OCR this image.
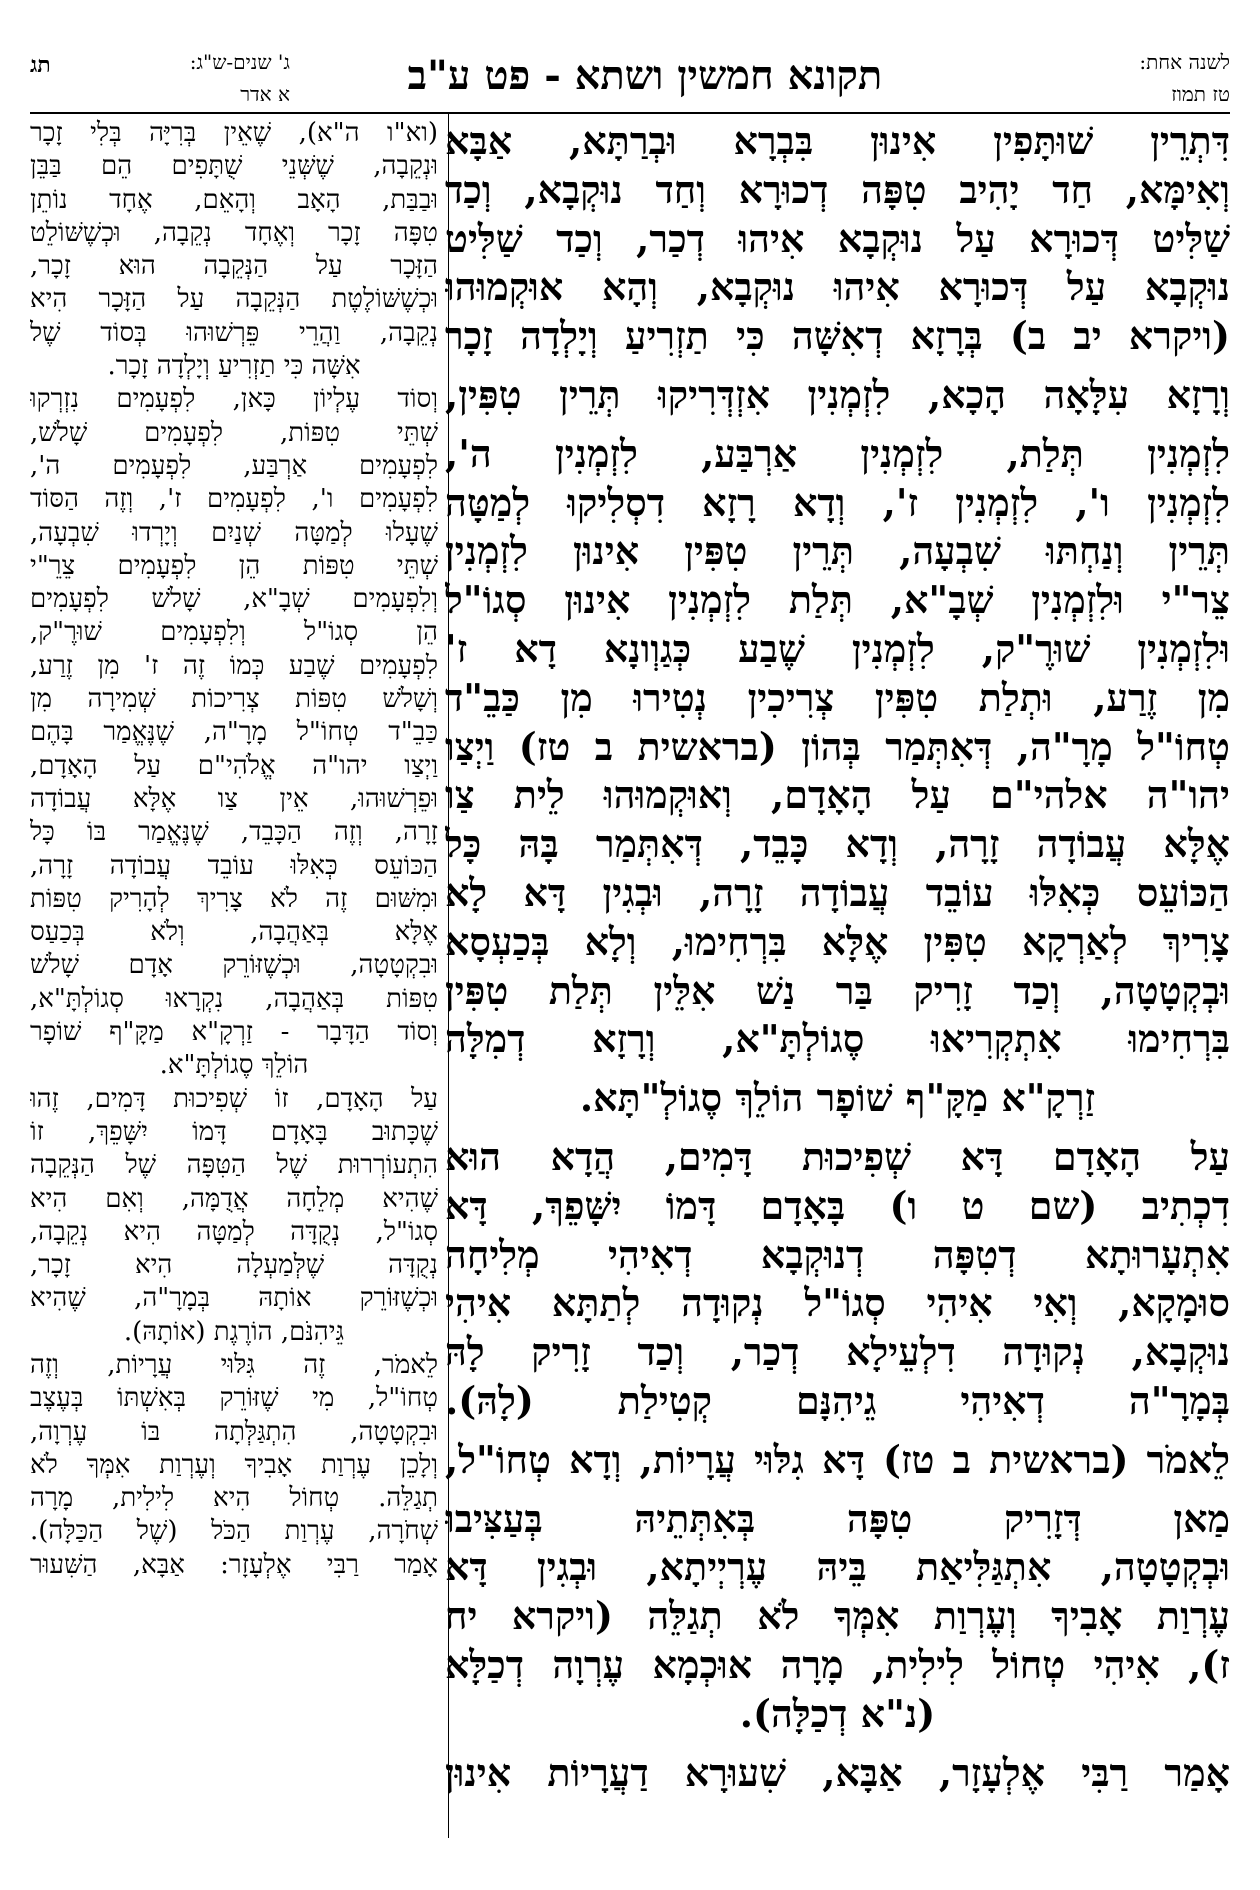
לשנה אחת:
טז תמוז
תקונא חמשין ושתא - פט ע"ב
ג' שנים-ש"ג:
א אדר
תג
דִּתְרֵין שׁוּתָּפִין אִינוּן בִּבְרָא וּבְרַתָּא, אַבָּא
וְאִימָּא, חַד יָהִיב טִפָּה דְכוּרָא וְחַד נוּקְבָא, וְכַד
שַׁלִּיט דְּכוּרָא עַל נוּקְבָא אִיהוּ דְכַר, וְכַד שַׁלִּיט
נוּקְבָא עַל דְּכוּרָא אִיהוּ נוּקְבָא, וְהָא אוּקְמוּהוּ
(ויקרא יב ב) בְּרָזָא דְאִשָּׁה כִּי תַזְרִיעַ וְיָלְדָה זָכָר
וְרָזָא עִלָּאָה הָכָא, לִזְמְנִין אִזְדְּרִיקוּ תְּרֵין טִפִּין,
לִזְמְנִין תְּלַת, לִזְמְנִין אַרְבַּע, לִזְמְנִין ה',
לִזְמְנִין ו', לִזְמְנִין ז', וְדָא רָזָא דִסְלִיקוּ לְמַטָּה
תְּרֵין וְנַחְתּוּ שִׁבְעָה, תְּרֵין טִפִּין אִינוּן לִזְמְנִין
צֵר"י וּלִזְמְנִין שְׁבָ"א, תְּלַת לִזְמְנִין אִינוּן סְגוֹ"ל
וּלִזְמְנִין שׁוּרֶ"ק, לִזְמְנִין שֶׁבַע כְּגַוְונָא דָא ז'
מִן זֶרַע, וּתְלַת טִפִּין צְרִיכִין נְטִירוּ מִן כַּבֵ"ד
טְחוֹ"ל מָרָ"ה, דְּאִתְּמַר בְּהוֹן (בראשית ב טז) וַיְצַו
יהו"ה אלהי"ם עַל הָאָדָם, וְאוּקְמוּהוּ לֵית צַו
אֶלָּא עֲבוֹדָה זָרָה, וְדָא כָּבֵד, דְּאִתְּמַר בָּהּ כָּל
הַכּוֹעֵס כְּאִלּוּ עוֹבֵד עֲבוֹדָה זָרָה, וּבְגִין דָּא לָא
צָרִיךְ לְאַרְקָא טִפִּין אֶלָּא בִּרְחִימוּ, וְלָא בְּכַעְסָא
וּבְקְטָטָה, וְכַד זָרִיק בַּר נַשׁ אִלֵּין תְּלַת טִפִּין
בִּרְחִימוּ אִתְקְרִיאוּ סֶגוֹלְתָּ"א, וְרָזָא דְמִלָּה
זַרְקָ"א מַקָּ"ף שׁוֹפָר הוֹלֵךְ סֶגוֹלְ"תָּא.
עַל הָאָדָם דָּא שְׁפִיכוּת דָּמִים, הֲדָא הוּא
דִכְתִיב (שם ט ו) בָּאָדָם דָּמוֹ יִשָּׁפֵךְ, דָּא
אִתְעָרוּתָא דְטִפָּה דְנוּקְבָא דְאִיהִי מְלִיחָה
סוּמָקָא, וְאִי אִיהִי סְגוֹ"ל נְקוּדָה לְתַתָּא אִיהִי
נוּקְבָא, נְקוּדָה דִלְעֵילָא דְכַר, וְכַד זָרִיק לָהּ
בְּמָרָ"ה דְאִיהִי גֵיהִנָּם קְטִילַת (לָהּ).
לֵאמֹר (בראשית ב טז) דָּא גִלּוּי עֲרָיוֹת, וְדָא טְחוֹ"ל,
מַאן דְּזָרִיק טִפָּה בְּאִתְּתֵיהּ בְּעַצִּיבוּ
וּבְקְטָטָה, אִתְגַּלִּיאַת בֵּיהּ עֶרְיְיתָא, וּבְגִין דָּא
עֶרְוַת אָבִיךָ וְעֶרְוַת אִמְּךָ לֹא תְגַלֵּה (ויקרא יח
ז), אִיהִי טְחוֹל לִילִית, מָרָה אוּכְמָא עֶרְוָה דְכַלָּא
(נ"א דְכַלָּה).
אָמַר רַבִּי אֶלְעָזָר, אַבָּא, שִׁעוּרָא דַעֲרָיוֹת אִינוּן
(וא"ו ה"א), שֶׁאֵין בְּרִיָּה בְּלִי זָכָר
וּנְקֵבָה, שֶׁשְּׁנֵי שֻׁתָּפִים הֵם בַּבֵּן
וּבַבַּת, הָאָב וְהָאֵם, אֶחָד נוֹתֵן
טִפָּה זָכָר וְאֶחָד נְקֵבָה, וּכְשֶׁשּׁוֹלֵט
הַזָּכָר עַל הַנְּקֵבָה הוּא זָכָר,
וּכְשֶׁשּׁוֹלֶטֶת הַנְּקֵבָה עַל הַזָּכָר הִיא
נְקֵבָה, וַהֲרֵי פֵּרְשׁוּהוּ בְּסוֹד שֶׁל
אִשָּׁה כִּי תַזְרִיעַ וְיָלְדָה זָכָר.
וְסוֹד עֶלְיוֹן כָּאן, לִפְעָמִים נִזְרְקוּ
שְׁתֵּי טִפּוֹת, לִפְעָמִים שָׁלֹשׁ,
לִפְעָמִים אַרְבַּע, לִפְעָמִים ה',
לִפְעָמִים ו', לִפְעָמִים ז', וְזֶה הַסּוֹד
שֶׁעָלוּ לְמַטָּה שְׁנַיִם וְיָרְדוּ שִׁבְעָה,
שְׁתֵּי טִפּוֹת הֵן לִפְעָמִים צֵרֵ"י
וְלִפְעָמִים שְׁבָ"א, שָׁלֹשׁ לִפְעָמִים
הֵן סְגוֹ"ל וְלִפְעָמִים שׁוּרֶ"ק,
לִפְעָמִים שֶׁבַע כְּמוֹ זֶה ז' מִן זֶרַע,
וְשָׁלֹשׁ טִפּוֹת צְרִיכוֹת שְׁמִירָה מִן
כַּבֵ"ד טְחוֹ"ל מָרָ"ה, שֶׁנֶּאֱמַר בָּהֶם
וַיְצַו יהו"ה אֱלֹהִי"ם עַל הָאָדָם,
וּפֵרְשׁוּהוּ, אֵין צַו אֶלָּא עֲבוֹדָה
זָרָה, וְזֶה הַכָּבֵד, שֶׁנֶּאֱמַר בּוֹ כָּל
הַכּוֹעֵס כְּאִלּוּ עוֹבֵד עֲבוֹדָה זָרָה,
וּמִשּׁוּם זֶה לֹא צָרִיךְ לְהָרִיק טִפּוֹת
אֶלָּא בְּאַהֲבָה, וְלֹא בְּכַעַס
וּבִקְטָטָה, וּכְשֶׁזּוֹרֵק אָדָם שָׁלֹשׁ
טִפּוֹת בְּאַהֲבָה, נִקְרָאוּ סְגוֹלְתָּ"א,
וְסוֹד הַדָּבָר - זַרְקָ"א מַקָּ"ף שׁוֹפָר
הוֹלֵךְ סֶגוֹלְתָּ"א.
עַל הָאָדָם, זוֹ שְׁפִיכוּת דָּמִים, זֶהוּ
שֶׁכָּתוּב בָּאָדָם דָּמוֹ יִשָּׁפֵךְ, זוֹ
הִתְעוֹרְרוּת שֶׁל הַטִּפָּה שֶׁל הַנְּקֵבָה
שֶׁהִיא מְלֵחָה אֲדֻמָּה, וְאִם הִיא
סְגוֹ"ל, נְקֻדָּה לְמַטָּה הִיא נְקֵבָה,
נְקֻדָּה שֶׁלְּמַעְלָה הִיא זָכָר,
וּכְשֶׁזּוֹרֵק אוֹתָהּ בְּמָרָ"ה, שֶׁהִיא
גֵּיהִנֹּם, הוֹרֶגֶת (אוֹתָהּ).
לֵאמֹר, זֶה גִּלּוּי עֲרָיוֹת, וְזֶה
טְחוֹ"ל, מִי שֶׁזּוֹרֵק בְּאִשְׁתּוֹ בְּעֶצֶב
וּבִקְטָטָה, הִתְגַּלְּתָה בּוֹ עֶרְוָה,
וְלָכֵן עֶרְוַת אָבִיךָ וְעֶרְוַת אִמְּךָ לֹא
תְגַלֵּה. טְחוֹל הִיא לִילִית, מָרָה
שְׁחֹרָה, עֶרְוַת הַכֹּל (שֶׁל הַכַּלָּה).
אָמַר רַבִּי אֶלְעָזָר: אַבָּא, הַשִּׁעוּר
